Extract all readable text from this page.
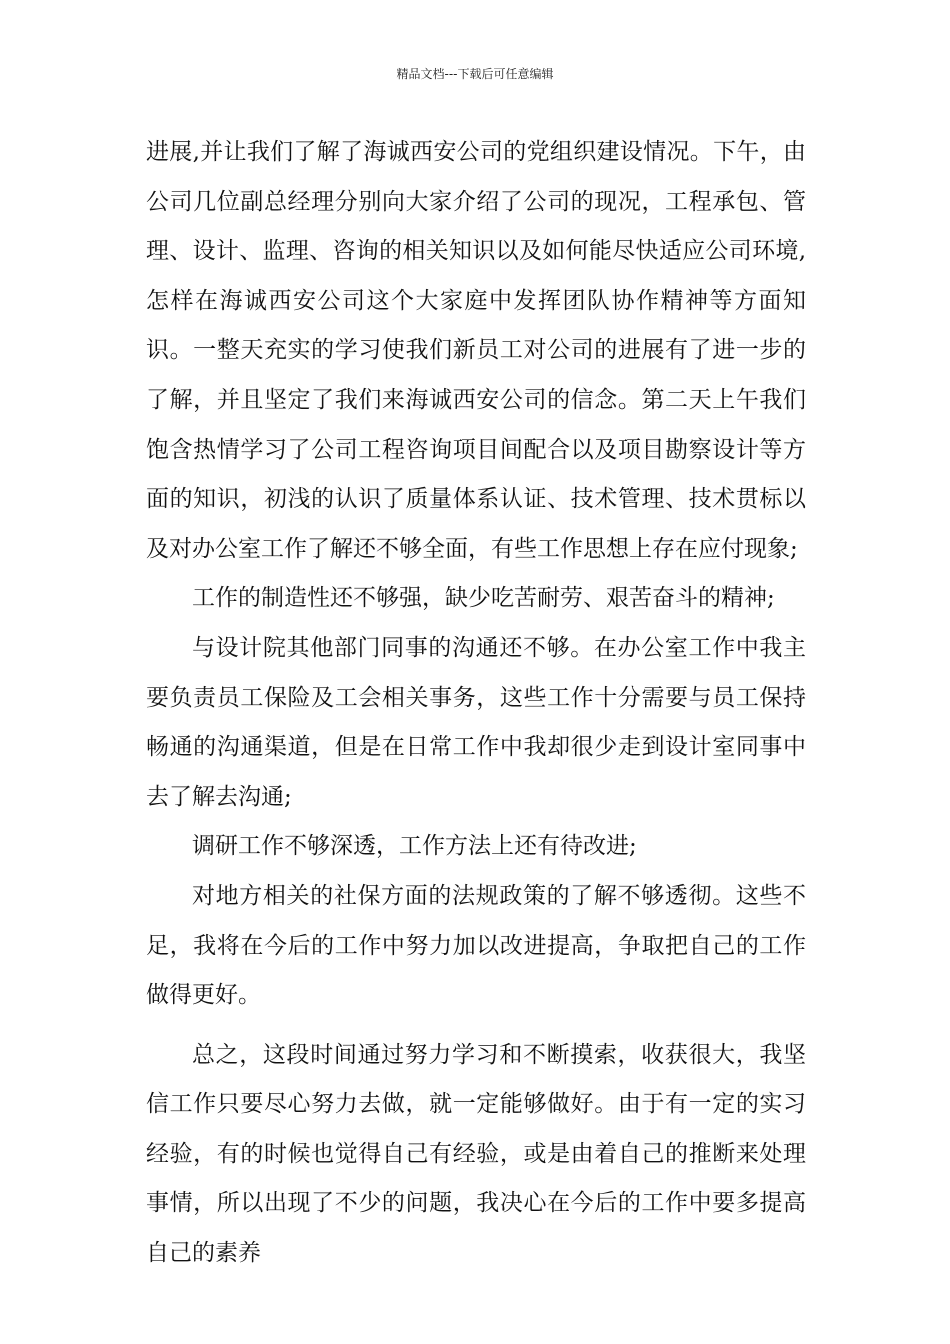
精品文档---下载后可任意编辑

进展,并让我们了解了海诚西安公司的党组织建设情况。下午，由公司几位副总经理分别向大家介绍了公司的现况，工程承包、管理、设计、监理、咨询的相关知识以及如何能尽快适应公司环境,怎样在海诚西安公司这个大家庭中发挥团队协作精神等方面知识。一整天充实的学习使我们新员工对公司的进展有了进一步的了解，并且坚定了我们来海诚西安公司的信念。第二天上午我们饱含热情学习了公司工程咨询项目间配合以及项目勘察设计等方面的知识，初浅的认识了质量体系认证、技术管理、技术贯标以及对办公室工作了解还不够全面，有些工作思想上存在应付现象;

工作的制造性还不够强，缺少吃苦耐劳、艰苦奋斗的精神;

与设计院其他部门同事的沟通还不够。在办公室工作中我主要负责员工保险及工会相关事务，这些工作十分需要与员工保持畅通的沟通渠道，但是在日常工作中我却很少走到设计室同事中去了解去沟通;

调研工作不够深透，工作方法上还有待改进;

对地方相关的社保方面的法规政策的了解不够透彻。这些不足，我将在今后的工作中努力加以改进提高，争取把自己的工作做得更好。

总之，这段时间通过努力学习和不断摸索，收获很大，我坚信工作只要尽心努力去做，就一定能够做好。由于有一定的实习经验，有的时候也觉得自己有经验，或是由着自己的推断来处理事情，所以出现了不少的问题，我决心在今后的工作中要多提高自己的素养
